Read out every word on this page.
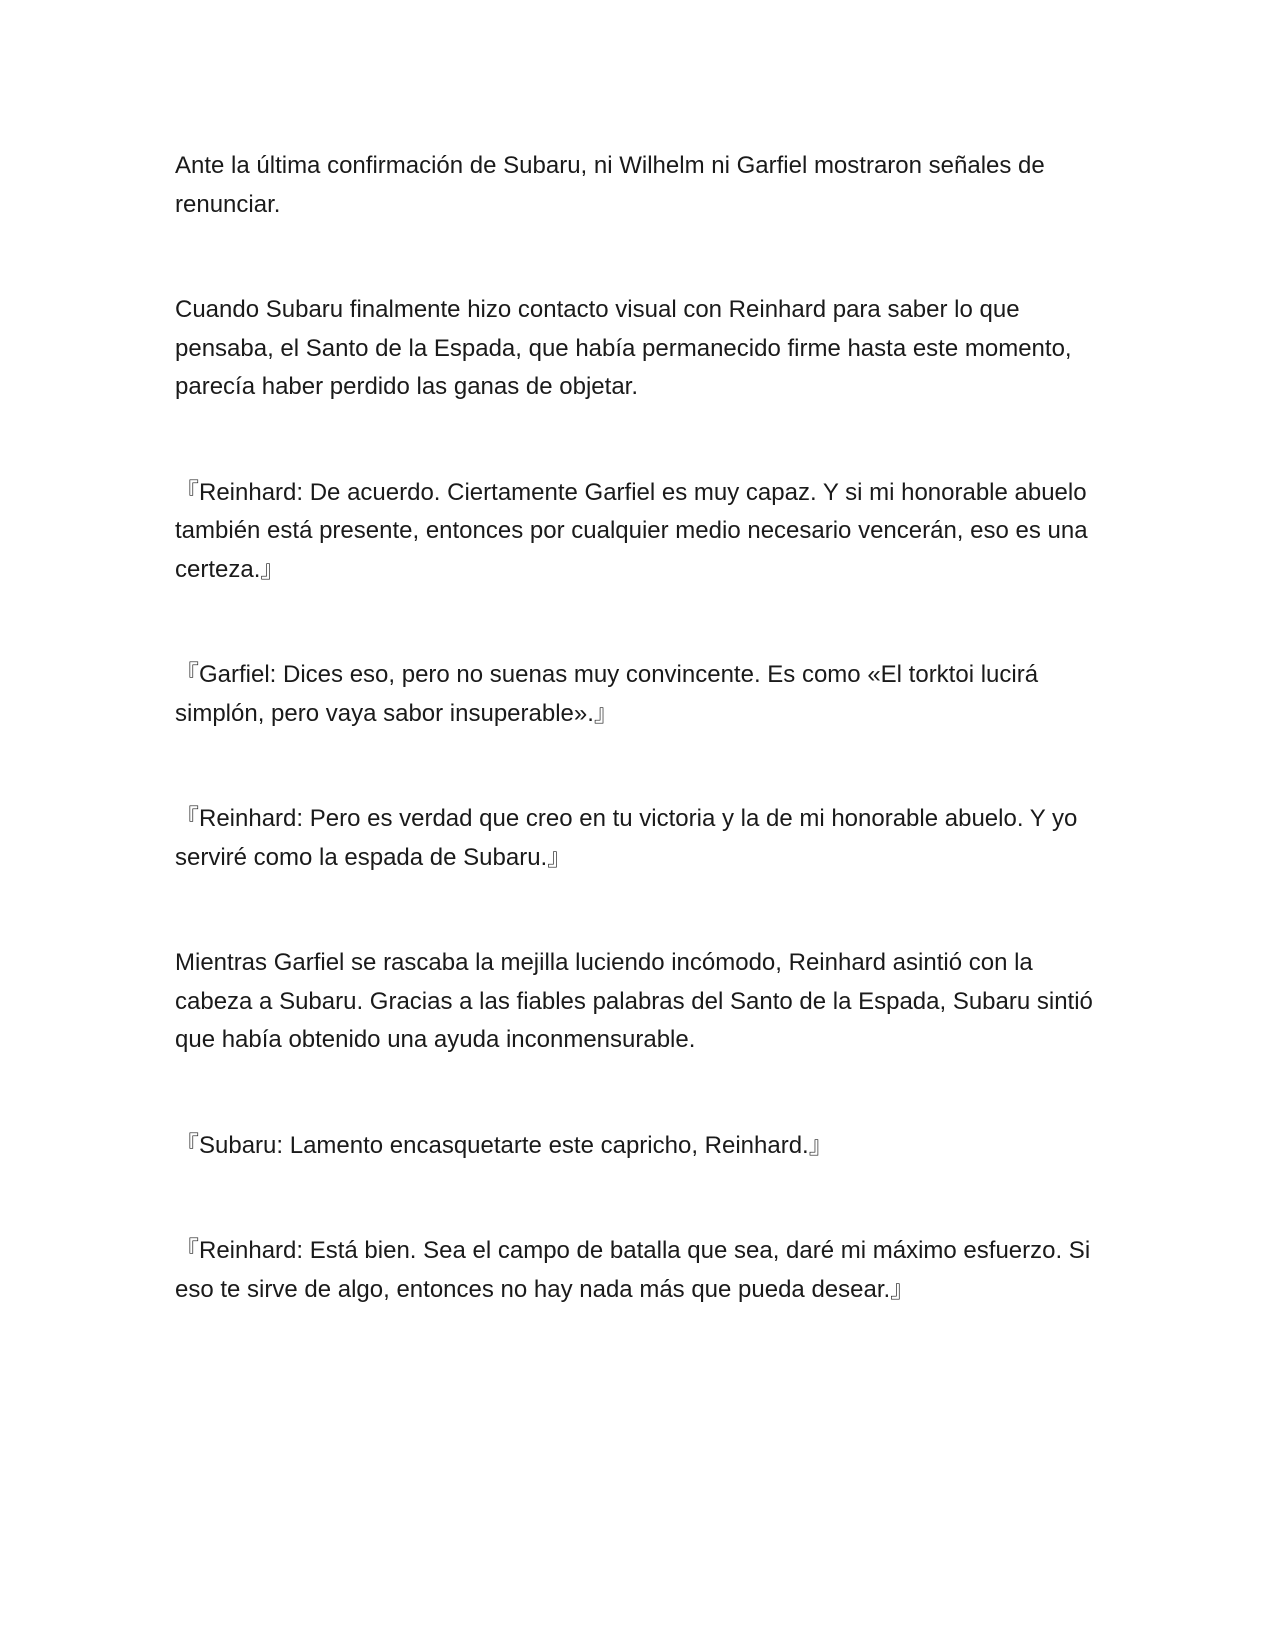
Ante la última confirmación de Subaru, ni Wilhelm ni Garfiel mostraron señales de renunciar.

Cuando Subaru finalmente hizo contacto visual con Reinhard para saber lo que pensaba, el Santo de la Espada, que había permanecido firme hasta este momento, parecía haber perdido las ganas de objetar.

『Reinhard: De acuerdo. Ciertamente Garfiel es muy capaz. Y si mi honorable abuelo también está presente, entonces por cualquier medio necesario vencerán, eso es una certeza.』

『Garfiel: Dices eso, pero no suenas muy convincente. Es como «El torktoi lucirá simplón, pero vaya sabor insuperable».』

『Reinhard: Pero es verdad que creo en tu victoria y la de mi honorable abuelo. Y yo serviré como la espada de Subaru.』

Mientras Garfiel se rascaba la mejilla luciendo incómodo, Reinhard asintió con la cabeza a Subaru. Gracias a las fiables palabras del Santo de la Espada, Subaru sintió que había obtenido una ayuda inconmensurable.

『Subaru: Lamento encasquetarte este capricho, Reinhard.』

『Reinhard: Está bien. Sea el campo de batalla que sea, daré mi máximo esfuerzo. Si eso te sirve de algo, entonces no hay nada más que pueda desear.』
